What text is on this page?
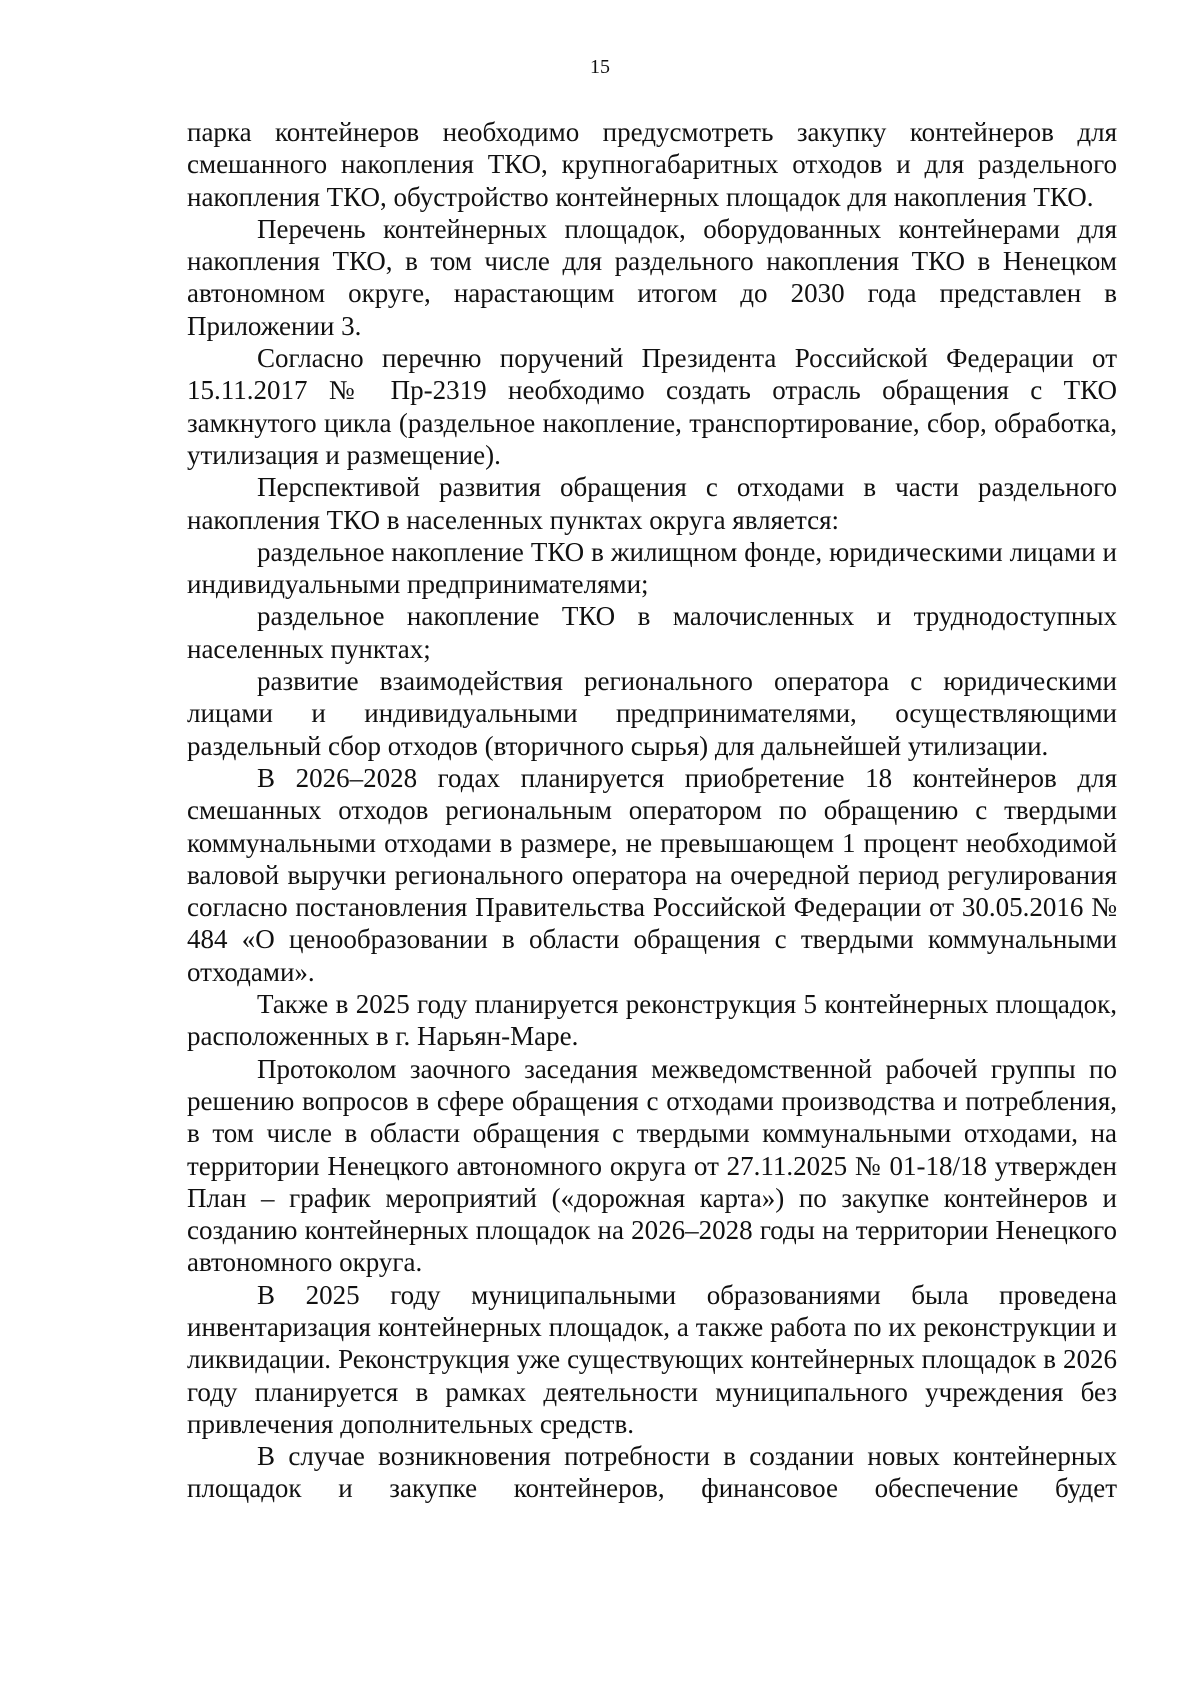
15

парка контейнеров необходимо предусмотреть закупку контейнеров для смешанного накопления ТКО, крупногабаритных отходов и для раздельного накопления ТКО, обустройство контейнерных площадок для накопления ТКО.

Перечень контейнерных площадок, оборудованных контейнерами для накопления ТКО, в том числе для раздельного накопления ТКО в Ненецком автономном округе, нарастающим итогом до 2030 года представлен в Приложении 3.

Согласно перечню поручений Президента Российской Федерации от 15.11.2017 № Пр-2319 необходимо создать отрасль обращения с ТКО замкнутого цикла (раздельное накопление, транспортирование, сбор, обработка, утилизация и размещение).

Перспективой развития обращения с отходами в части раздельного накопления ТКО в населенных пунктах округа является:

раздельное накопление ТКО в жилищном фонде, юридическими лицами и индивидуальными предпринимателями;

раздельное накопление ТКО в малочисленных и труднодоступных населенных пунктах;

развитие взаимодействия регионального оператора с юридическими лицами и индивидуальными предпринимателями, осуществляющими раздельный сбор отходов (вторичного сырья) для дальнейшей утилизации.

В 2026–2028 годах планируется приобретение 18 контейнеров для смешанных отходов региональным оператором по обращению с твердыми коммунальными отходами в размере, не превышающем 1 процент необходимой валовой выручки регионального оператора на очередной период регулирования согласно постановления Правительства Российской Федерации от 30.05.2016 № 484 «О ценообразовании в области обращения с твердыми коммунальными отходами».

Также в 2025 году планируется реконструкция 5 контейнерных площадок, расположенных в г. Нарьян-Маре.

Протоколом заочного заседания межведомственной рабочей группы по решению вопросов в сфере обращения с отходами производства и потребления, в том числе в области обращения с твердыми коммунальными отходами, на территории Ненецкого автономного округа от 27.11.2025 № 01-18/18 утвержден План – график мероприятий («дорожная карта») по закупке контейнеров и созданию контейнерных площадок на 2026–2028 годы на территории Ненецкого автономного округа.

В 2025 году муниципальными образованиями была проведена инвентаризация контейнерных площадок, а также работа по их реконструкции и ликвидации. Реконструкция уже существующих контейнерных площадок в 2026 году планируется в рамках деятельности муниципального учреждения без привлечения дополнительных средств.

В случае возникновения потребности в создании новых контейнерных площадок и закупке контейнеров, финансовое обеспечение будет
